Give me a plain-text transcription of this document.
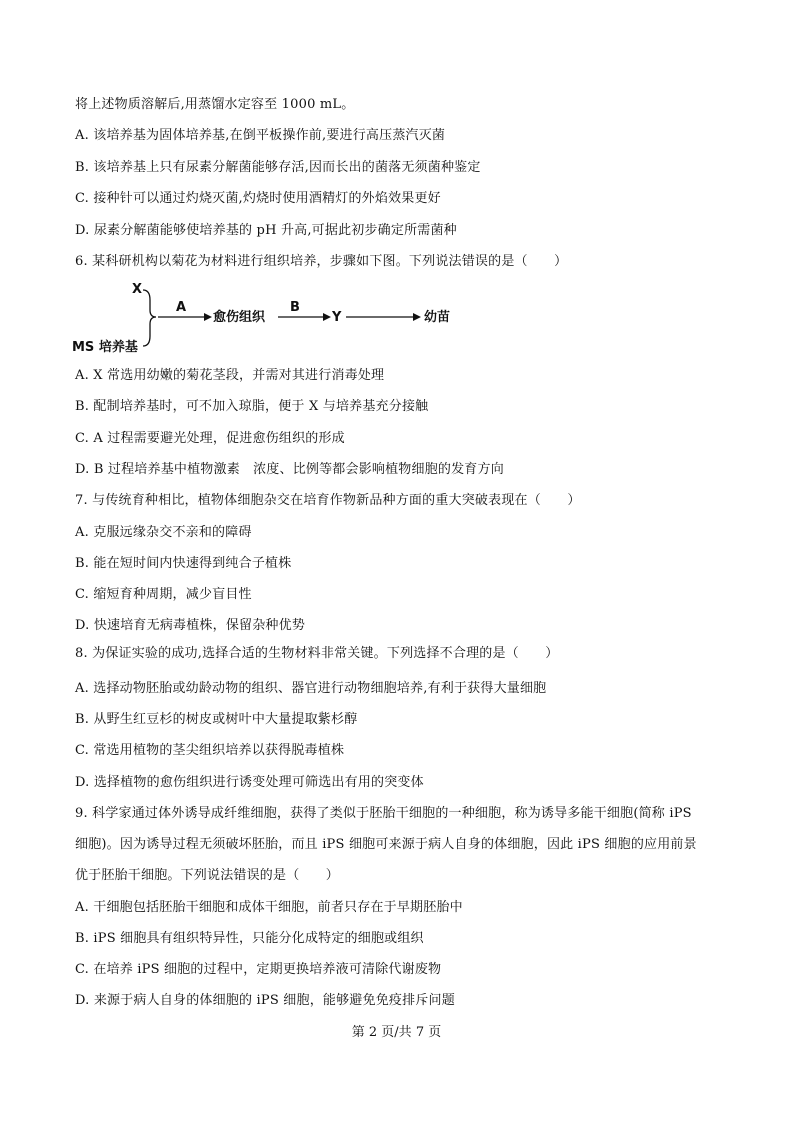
将上述物质溶解后,用蒸馏水定容至 1000 mL。
A. 该培养基为固体培养基,在倒平板操作前,要进行高压蒸汽灭菌
B. 该培养基上只有尿素分解菌能够存活,因而长出的菌落无须菌种鉴定
C. 接种针可以通过灼烧灭菌,灼烧时使用酒精灯的外焰效果更好
D. 尿素分解菌能够使培养基的 pH 升高,可据此初步确定所需菌种
6. 某科研机构以菊花为材料进行组织培养，步骤如下图。下列说法错误的是（　　）
X
MS 培养基
A
愈伤组织
B
Y	幼苗
A. X 常选用幼嫩的菊花茎段，并需对其进行消毒处理
B. 配制培养基时，可不加入琼脂，便于 X 与培养基充分接触
C. A 过程需要避光处理，促进愈伤组织的形成
D. B 过程培养基中植物激素　浓度、比例等都会影响植物细胞的发育方向
7. 与传统育种相比，植物体细胞杂交在培育作物新品种方面的重大突破表现在（　　）
A. 克服远缘杂交不亲和的障碍
B. 能在短时间内快速得到纯合子植株
C. 缩短育种周期，减少盲目性
D. 快速培育无病毒植株，保留杂种优势
8. 为保证实验的成功,选择合适的生物材料非常关键。下列选择不合理的是（　　）
A. 选择动物胚胎或幼龄动物的组织、器官进行动物细胞培养,有利于获得大量细胞
B. 从野生红豆杉的树皮或树叶中大量提取紫杉醇
C. 常选用植物的茎尖组织培养以获得脱毒植株
D. 选择植物的愈伤组织进行诱变处理可筛选出有用的突变体
9. 科学家通过体外诱导成纤维细胞，获得了类似于胚胎干细胞的一种细胞，称为诱导多能干细胞(简称 iPS
细胞)。因为诱导过程无须破坏胚胎，而且 iPS 细胞可来源于病人自身的体细胞，因此 iPS 细胞的应用前景
优于胚胎干细胞。下列说法错误的是（　　）
A. 干细胞包括胚胎干细胞和成体干细胞，前者只存在于早期胚胎中
B. iPS 细胞具有组织特异性，只能分化成特定的细胞或组织
C. 在培养 iPS 细胞的过程中，定期更换培养液可清除代谢废物
D. 来源于病人自身的体细胞的 iPS 细胞，能够避免免疫排斥问题
第 2 页/共 7 页
